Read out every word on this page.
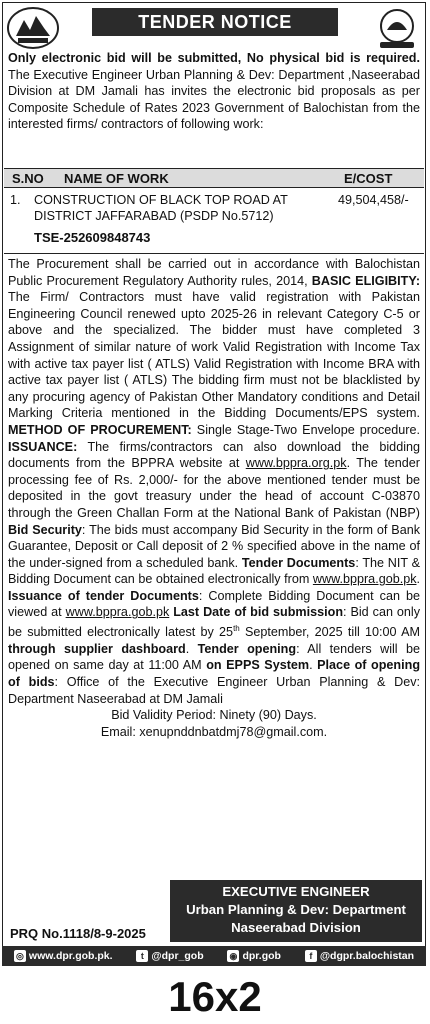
TENDER NOTICE
Only electronic bid will be submitted, No physical bid is required. The Executive Engineer Urban Planning & Dev: Department ,Naseerabad Division at DM Jamali has invites the electronic bid proposals as per Composite Schedule of Rates 2023 Government of Balochistan from the interested firms/ contractors of following work:
S.NO NAME OF WORK	E/COST
1. CONSTRUCTION OF BLACK TOP ROAD AT DISTRICT JAFFARABAD (PSDP No.5712)
49,504,458/-
TSE-252609848743
The Procurement shall be carried out in accordance with Balochistan Public Procurement Regulatory Authority rules, 2014, BASIC ELIGIBITY: The Firm/ Contractors must have valid registration with Pakistan Engineering Council renewed upto 2025-26 in relevant Category C-5 or above and the specialized. The bidder must have completed 3 Assignment of similar nature of work Valid Registration with Income Tax with active tax payer list ( ATLS) Valid Registration with Income BRA with active tax payer list ( ATLS) The bidding firm must not be blacklisted by any procuring agency of Pakistan Other Mandatory conditions and Detail Marking Criteria mentioned in the Bidding Documents/EPS system. METHOD OF PROCUREMENT: Single Stage-Two Envelope procedure. ISSUANCE: The firms/contractors can also download the bidding documents from the BPPRA website at www.bppra.org.pk. The tender processing fee of Rs. 2,000/- for the above mentioned tender must be deposited in the govt treasury under the head of account C-03870 through the Green Challan Form at the National Bank of Pakistan (NBP) Bid Security: The bids must accompany Bid Security in the form of Bank Guarantee, Deposit or Call deposit of 2 % specified above in the name of the under-signed from a scheduled bank. Tender Documents: The NIT & Bidding Document can be obtained electronically from www.bppra.gob.pk. Issuance of tender Documents: Complete Bidding Document can be viewed at www.bppra.gob.pk Last Date of bid submission: Bid can only be submitted electronically latest by 25th September, 2025 till 10:00 AM through supplier dashboard. Tender opening: All tenders will be opened on same day at 11:00 AM on EPPS System. Place of opening of bids: Office of the Executive Engineer Urban Planning & Dev: Department Naseerabad at DM Jamali
Bid Validity Period: Ninety (90) Days.
Email: xenupnddnbatdmj78@gmail.com.
EXECUTIVE ENGINEER
Urban Planning & Dev: Department
Naseerabad Division
PRQ No.1118/8-9-2025
◎ www.dpr.gob.pk.	t @dpr_gob	◉ dpr.gob	f @dgpr.balochistan
16x2
